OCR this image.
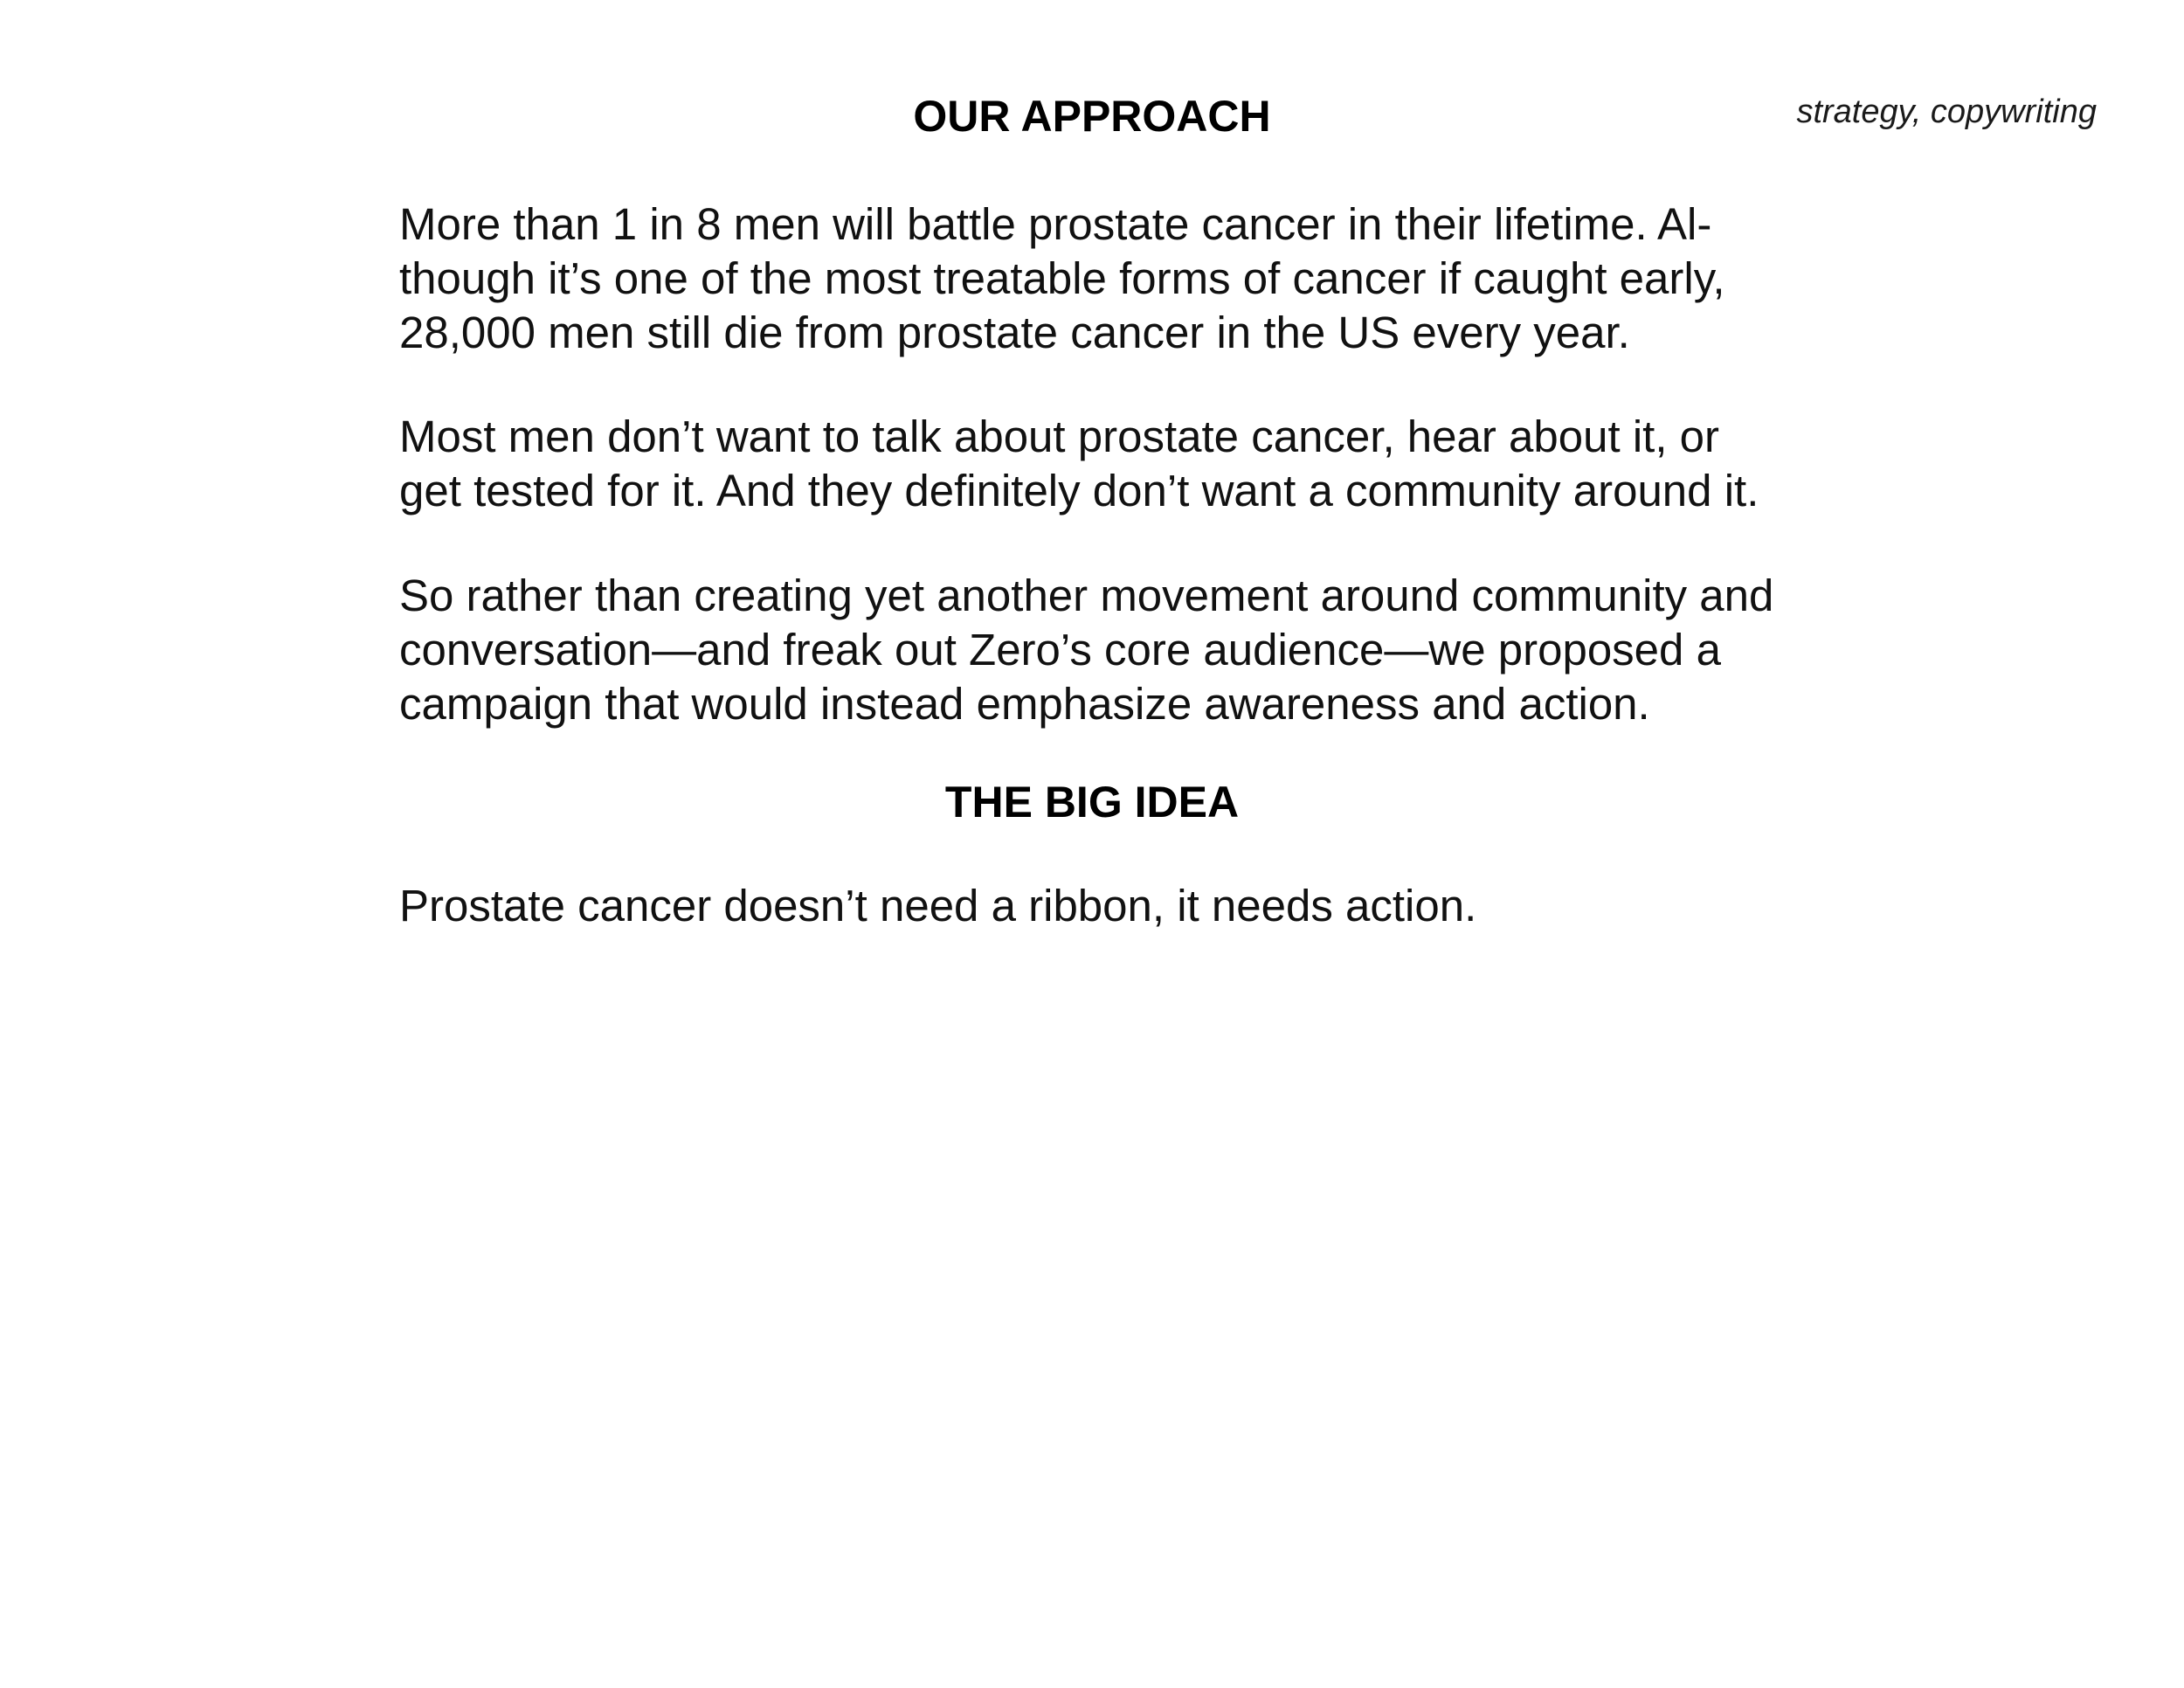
strategy, copywriting
OUR APPROACH

More than 1 in 8 men will battle prostate cancer in their lifetime. Al-
though it’s one of the most treatable forms of cancer if caught early,
28,000 men still die from prostate cancer in the US every year.

Most men don’t want to talk about prostate cancer, hear about it, or
get tested for it. And they definitely don’t want a community around it.

So rather than creating yet another movement around community and
conversation—and freak out Zero’s core audience—we proposed a
campaign that would instead emphasize awareness and action.

THE BIG IDEA

Prostate cancer doesn’t need a ribbon, it needs action.
